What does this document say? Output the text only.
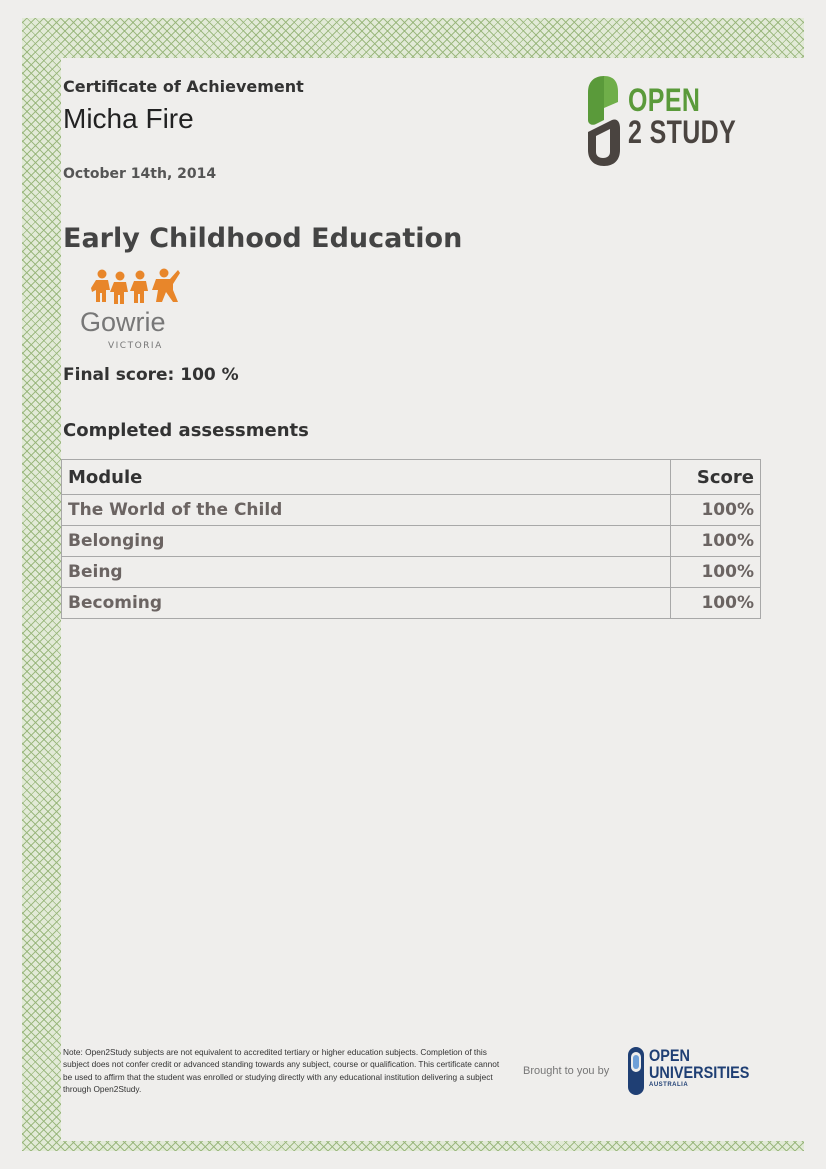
Certificate of Achievement
Micha Fire
October 14th, 2014
Early Childhood Education
OPEN
2 STUDY
Gowrie
VICTORIA
Final score: 100 %
Completed assessments
Module	Score
The World of the Child	100%
Belonging	100%
Being	100%
Becoming	100%
Note: Open2Study subjects are not equivalent to accredited tertiary or higher education subjects. Completion of this subject does not confer credit or advanced standing towards any subject, course or qualification. This certificate cannot be used to affirm that the student was enrolled or studying directly with any educational institution delivering a subject through Open2Study.
Brought to you by
OPEN
UNIVERSITIES
AUSTRALIA
